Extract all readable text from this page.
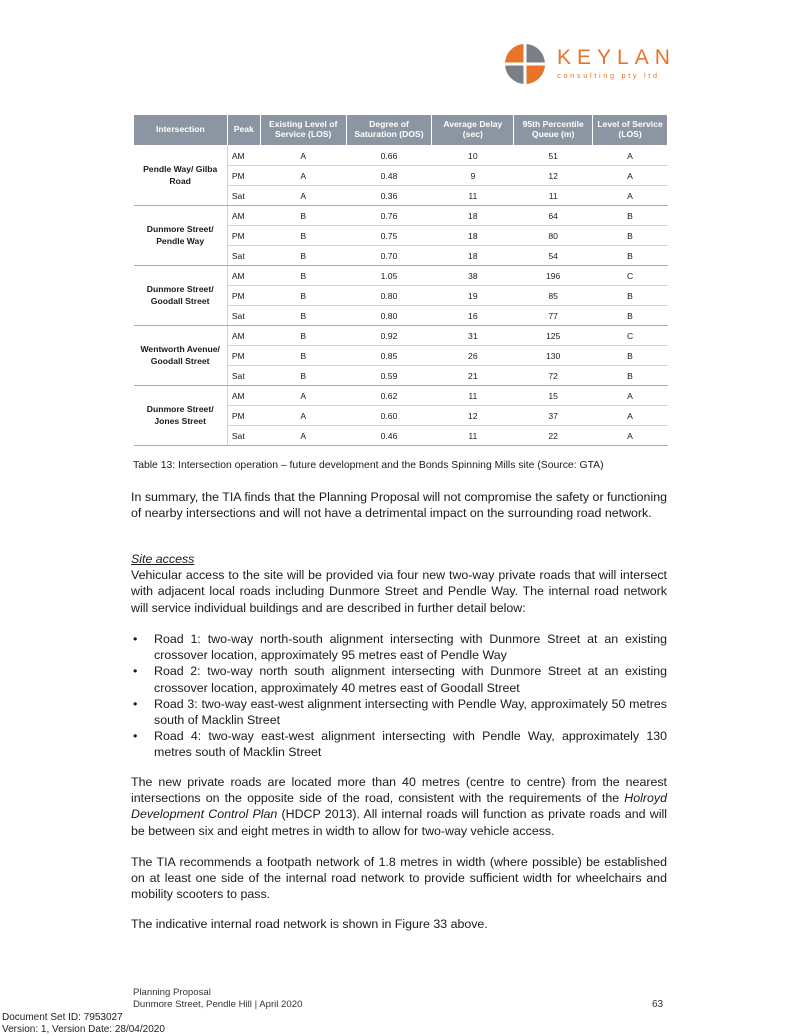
KEYLAN
consulting pty ltd
Intersection	Peak	Existing Level of Service (LOS)	Degree of Saturation (DOS)	Average Delay (sec)	95th Percentile Queue (m)	Level of Service (LOS)
Pendle Way/ Gilba Road	AM	A	0.66	10	51	A
	PM	A	0.48	9	12	A
	Sat	A	0.36	11	11	A
Dunmore Street/ Pendle Way	AM	B	0.76	18	64	B
	PM	B	0.75	18	80	B
	Sat	B	0.70	18	54	B
Dunmore Street/ Goodall Street	AM	B	1.05	38	196	C
	PM	B	0.80	19	85	B
	Sat	B	0.80	16	77	B
Wentworth Avenue/ Goodall Street	AM	B	0.92	31	125	C
	PM	B	0.85	26	130	B
	Sat	B	0.59	21	72	B
Dunmore Street/ Jones Street	AM	A	0.62	11	15	A
	PM	A	0.60	12	37	A
	Sat	A	0.46	11	22	A
Table 13: Intersection operation – future development and the Bonds Spinning Mills site (Source: GTA)

In summary, the TIA finds that the Planning Proposal will not compromise the safety or functioning of nearby intersections and will not have a detrimental impact on the surrounding road network.

Site access
Vehicular access to the site will be provided via four new two-way private roads that will intersect with adjacent local roads including Dunmore Street and Pendle Way. The internal road network will service individual buildings and are described in further detail below:
• Road 1: two-way north-south alignment intersecting with Dunmore Street at an existing crossover location, approximately 95 metres east of Pendle Way
• Road 2: two-way north south alignment intersecting with Dunmore Street at an existing crossover location, approximately 40 metres east of Goodall Street
• Road 3: two-way east-west alignment intersecting with Pendle Way, approximately 50 metres south of Macklin Street
• Road 4: two-way east-west alignment intersecting with Pendle Way, approximately 130 metres south of Macklin Street

The new private roads are located more than 40 metres (centre to centre) from the nearest intersections on the opposite side of the road, consistent with the requirements of the Holroyd Development Control Plan (HDCP 2013). All internal roads will function as private roads and will be between six and eight metres in width to allow for two-way vehicle access.

The TIA recommends a footpath network of 1.8 metres in width (where possible) be established on at least one side of the internal road network to provide sufficient width for wheelchairs and mobility scooters to pass.

The indicative internal road network is shown in Figure 33 above.

Planning Proposal
Dunmore Street, Pendle Hill | April 2020	63
Document Set ID: 7953027
Version: 1, Version Date: 28/04/2020
